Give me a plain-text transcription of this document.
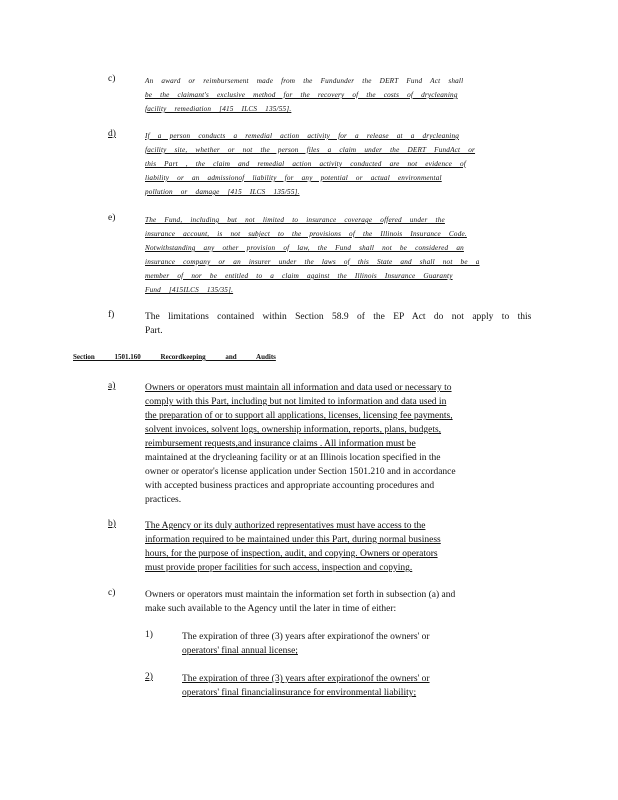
c)	An award or reimbursement made from the Fundunder the DERT Fund Act shall

be the claimant's exclusive method for the recovery of the costs of drycleaning

facility remediation [415 ILCS 135/55].

d)	If a person conducts a remedial action activity for a release at a drycleaning

facility site, whether or not the person files a claim under the DERT FundAct or

this Part , the claim and remedial action activity conducted are not evidence of

liability or an admissionof liability for any potential or actual environmental

pollution or damage [415 ILCS 135/55].

e)	The Fund, including but not limited to insurance coverage offered under the

insurance account, is not subject to the provisions of the Illinois Insurance Code.

Notwithstanding any other provision of law, the Fund shall not be considered an

insurance company or an insurer under the laws of this State and shall not be a

member of nor be entitled to a claim against the Illinois Insurance Guaranty

Fund [415ILCS 135/35].

f)	The limitations contained within Section 58.9 of the EP Act do not apply to this

Part.

Section 1501.160 Recordkeeping and Audits
a)	Owners or operators must maintain all information and data used or necessary to

comply with this Part, including but not limited to information and data used in

the preparation of or to support all applications, licenses, licensing fee payments,

solvent invoices, solvent logs, ownership information, reports, plans, budgets,

reimbursement requests,and insurance claims . All information must be

maintained at the drycleaning facility or at an Illinois location specified in the

owner or operator's license application under Section 1501.210 and in accordance

with accepted business practices and appropriate accounting procedures and

practices.

b)	The Agency or its duly authorized representatives must have access to the

information required to be maintained under this Part, during normal business

hours, for the purpose of inspection, audit, and copying. Owners or operators

must provide proper facilities for such access, inspection and copying.

c)	Owners or operators must maintain the information set forth in subsection (a) and

make such available to the Agency until the later in time of either:

1)	The expiration of three (3) years after expirationof the owners' or

operators' final annual license;

2)	The expiration of three (3) years after expirationof the owners' or

operators' final financialinsurance for environmental liability;
